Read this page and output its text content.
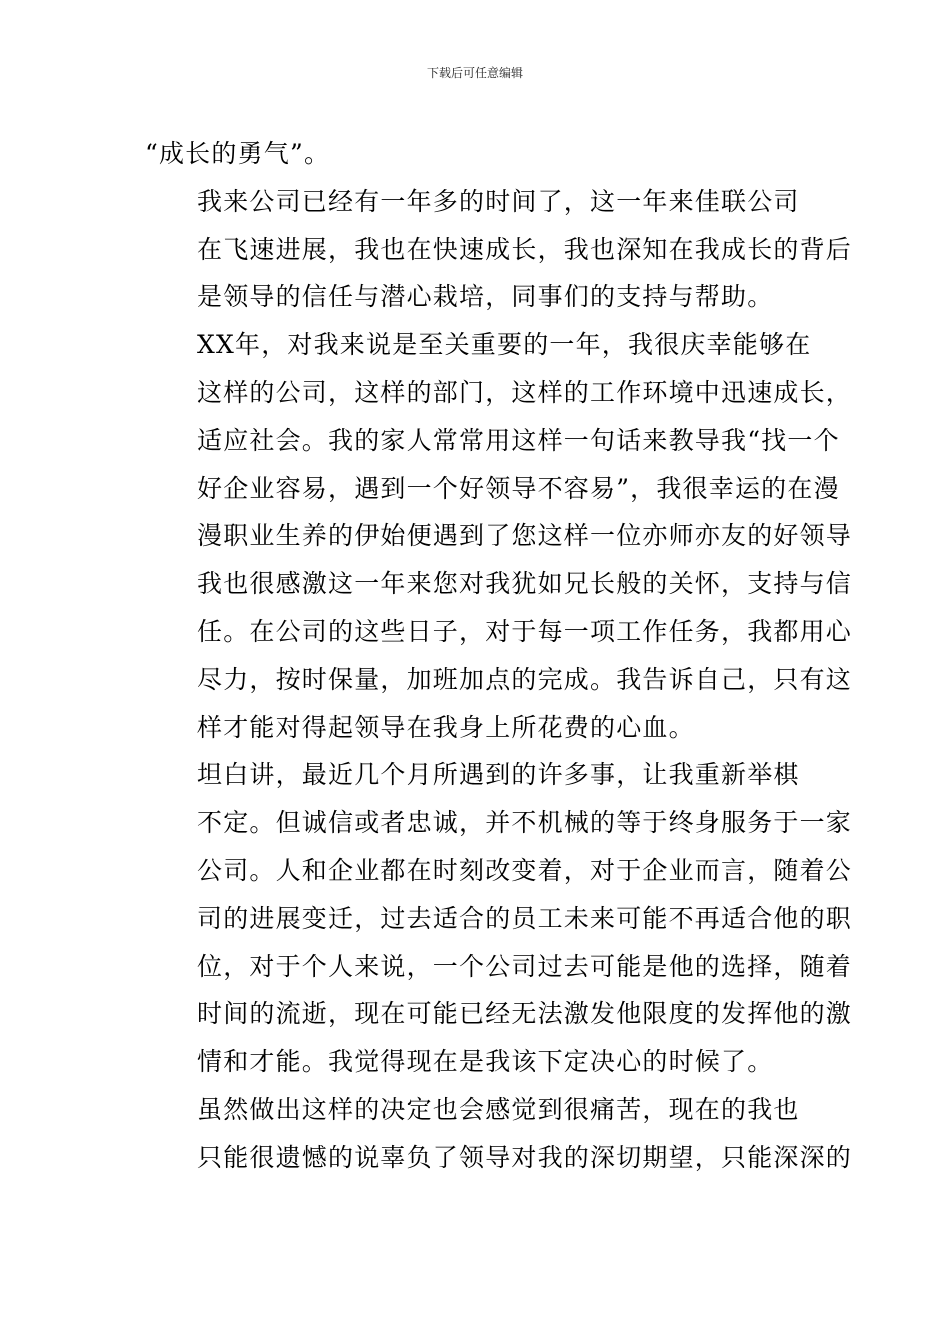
下载后可任意编辑

“成长的勇气”。

我来公司已经有一年多的时间了，这一年来佳联公司
在飞速进展，我也在快速成长，我也深知在我成长的背后
是领导的信任与潜心栽培，同事们的支持与帮助。

XX年，对我来说是至关重要的一年，我很庆幸能够在
这样的公司，这样的部门，这样的工作环境中迅速成长，
适应社会。我的家人常常用这样一句话来教导我“找一个
好企业容易，遇到一个好领导不容易”，我很幸运的在漫
漫职业生养的伊始便遇到了您这样一位亦师亦友的好领导
我也很感激这一年来您对我犹如兄长般的关怀，支持与信
任。在公司的这些日子，对于每一项工作任务，我都用心
尽力，按时保量，加班加点的完成。我告诉自己，只有这
样才能对得起领导在我身上所花费的心血。

坦白讲，最近几个月所遇到的许多事，让我重新举棋
不定。但诚信或者忠诚，并不机械的等于终身服务于一家
公司。人和企业都在时刻改变着，对于企业而言，随着公
司的进展变迁，过去适合的员工未来可能不再适合他的职
位，对于个人来说，一个公司过去可能是他的选择，随着
时间的流逝，现在可能已经无法激发他限度的发挥他的激
情和才能。我觉得现在是我该下定决心的时候了。

虽然做出这样的决定也会感觉到很痛苦，现在的我也
只能很遗憾的说辜负了领导对我的深切期望，只能深深的
